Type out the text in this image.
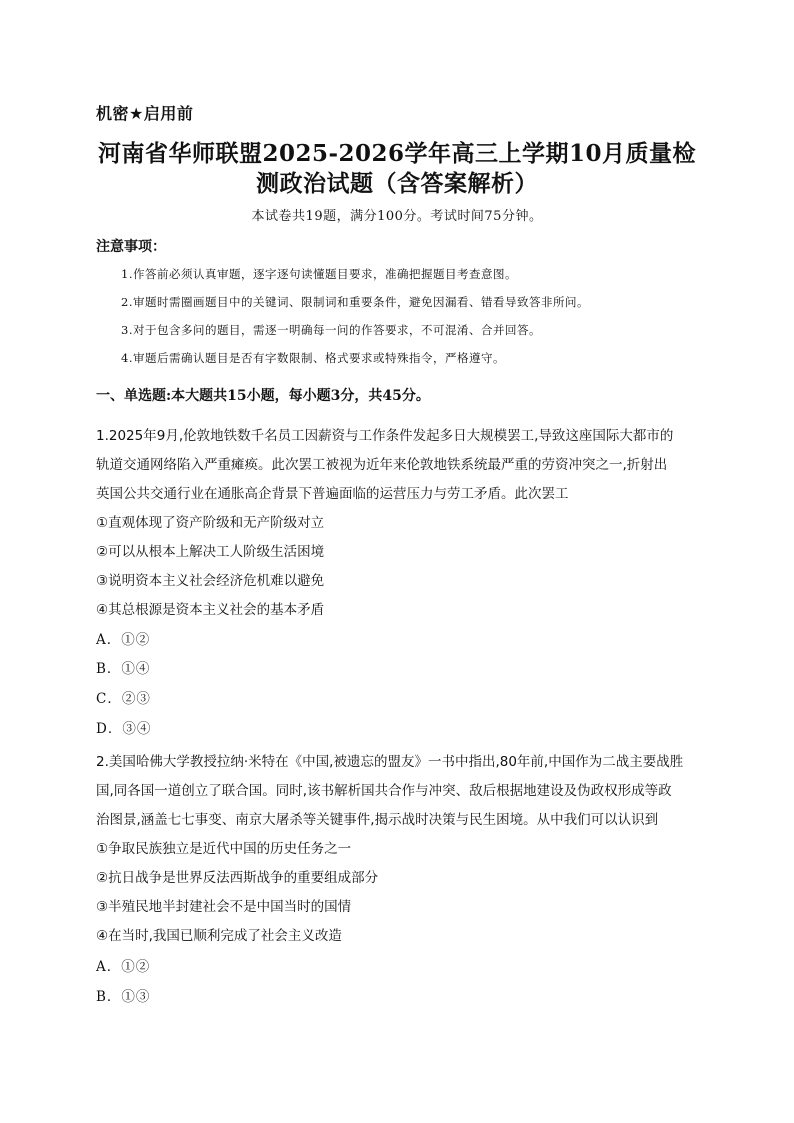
机密★启用前
河南省华师联盟2025-2026学年高三上学期10月质量检
测政治试题（含答案解析）
本试卷共19题，满分100分。考试时间75分钟。
注意事项：
1.作答前必须认真审题，逐字逐句读懂题目要求，准确把握题目考查意图。
2.审题时需圈画题目中的关键词、限制词和重要条件，避免因漏看、错看导致答非所问。
3.对于包含多问的题目，需逐一明确每一问的作答要求，不可混淆、合并回答。
4.审题后需确认题目是否有字数限制、格式要求或特殊指令，严格遵守。
一、单选题:本大题共15小题，每小题3分，共45分。
1.2025年9月,伦敦地铁数千名员工因薪资与工作条件发起多日大规模罢工,导致这座国际大都市的
轨道交通网络陷入严重瘫痪。此次罢工被视为近年来伦敦地铁系统最严重的劳资冲突之一,折射出
英国公共交通行业在通胀高企背景下普遍面临的运营压力与劳工矛盾。此次罢工
①直观体现了资产阶级和无产阶级对立
②可以从根本上解决工人阶级生活困境
③说明资本主义社会经济危机难以避免
④其总根源是资本主义社会的基本矛盾
A．①②
B．①④
C．②③
D．③④
2.美国哈佛大学教授拉纳·米特在《中国,被遗忘的盟友》一书中指出,80年前,中国作为二战主要战胜
国,同各国一道创立了联合国。同时,该书解析国共合作与冲突、敌后根据地建设及伪政权形成等政
治图景,涵盖七七事变、南京大屠杀等关键事件,揭示战时决策与民生困境。从中我们可以认识到
①争取民族独立是近代中国的历史任务之一
②抗日战争是世界反法西斯战争的重要组成部分
③半殖民地半封建社会不是中国当时的国情
④在当时,我国已顺利完成了社会主义改造
A．①②
B．①③
